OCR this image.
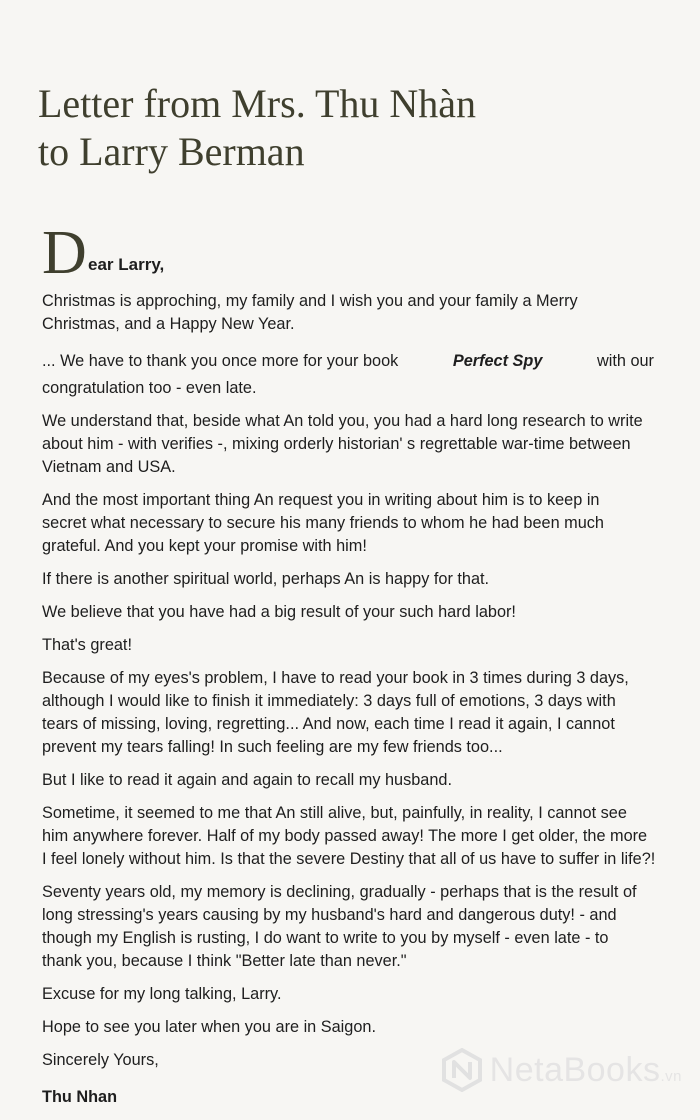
Letter from Mrs. Thu Nhàn
to Larry Berman
D ear Larry,

Christmas is approching, my family and I wish you and your family a Merry
Christmas, and a Happy New Year.

... We have to thank you once more for your book	Perfect Spy	with our
congratulation too - even late.

We understand that, beside what An told you, you had a hard long research to write
about him - with verifies -, mixing orderly historian' s regrettable war-time between
Vietnam and USA.

And the most important thing An request you in writing about him is to keep in
secret what necessary to secure his many friends to whom he had been much
grateful. And you kept your promise with him!

If there is another spiritual world, perhaps An is happy for that.

We believe that you have had a big result of your such hard labor!

That's great!

Because of my eyes's problem, I have to read your book in 3 times during 3 days,
although I would like to finish it immediately: 3 days full of emotions, 3 days with
tears of missing, loving, regretting... And now, each time I read it again, I cannot
prevent my tears falling! In such feeling are my few friends too...

But I like to read it again and again to recall my husband.

Sometime, it seemed to me that An still alive, but, painfully, in reality, I cannot see
him anywhere forever. Half of my body passed away! The more I get older, the more
I feel lonely without him. Is that the severe Destiny that all of us have to suffer in life?!

Seventy years old, my memory is declining, gradually - perhaps that is the result of
long stressing's years causing by my husband's hard and dangerous duty! - and
though my English is rusting, I do want to write to you by myself - even late - to
thank you, because I think "Better late than never."

Excuse for my long talking, Larry.

Hope to see you later when you are in Saigon.

Sincerely Yours,

Thu Nhan

NetaBooks.vn
